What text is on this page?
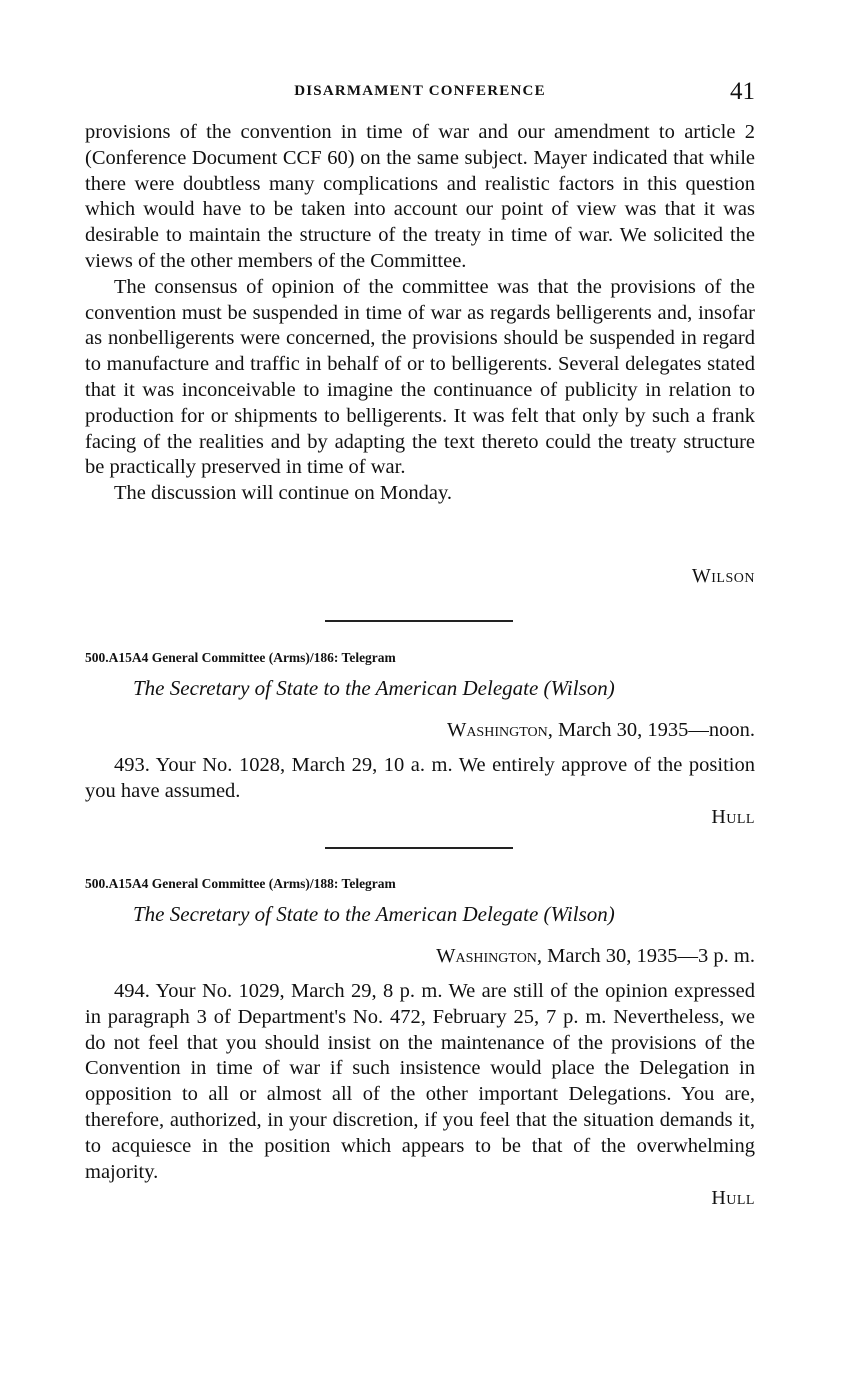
DISARMAMENT CONFERENCE	41

provisions of the convention in time of war and our amendment to article 2 (Conference Document CCF 60) on the same subject. Mayer indicated that while there were doubtless many complications and realistic factors in this question which would have to be taken into account our point of view was that it was desirable to maintain the structure of the treaty in time of war. We solicited the views of the other members of the Committee.

The consensus of opinion of the committee was that the provisions of the convention must be suspended in time of war as regards belligerents and, insofar as nonbelligerents were concerned, the provisions should be suspended in regard to manufacture and traffic in behalf of or to belligerents. Several delegates stated that it was inconceivable to imagine the continuance of publicity in relation to production for or shipments to belligerents. It was felt that only by such a frank facing of the realities and by adapting the text thereto could the treaty structure be practically preserved in time of war.

The discussion will continue on Monday.

Wilson
500.A15A4 General Committee (Arms)/186: Telegram
The Secretary of State to the American Delegate (Wilson)
Washington, March 30, 1935—noon.

493. Your No. 1028, March 29, 10 a. m. We entirely approve of the position you have assumed.

Hull
500.A15A4 General Committee (Arms)/188: Telegram
The Secretary of State to the American Delegate (Wilson)
Washington, March 30, 1935—3 p. m.

494. Your No. 1029, March 29, 8 p. m. We are still of the opinion expressed in paragraph 3 of Department's No. 472, February 25, 7 p. m. Nevertheless, we do not feel that you should insist on the maintenance of the provisions of the Convention in time of war if such insistence would place the Delegation in opposition to all or almost all of the other important Delegations. You are, therefore, authorized, in your discretion, if you feel that the situation demands it, to acquiesce in the position which appears to be that of the overwhelming majority.

Hull
